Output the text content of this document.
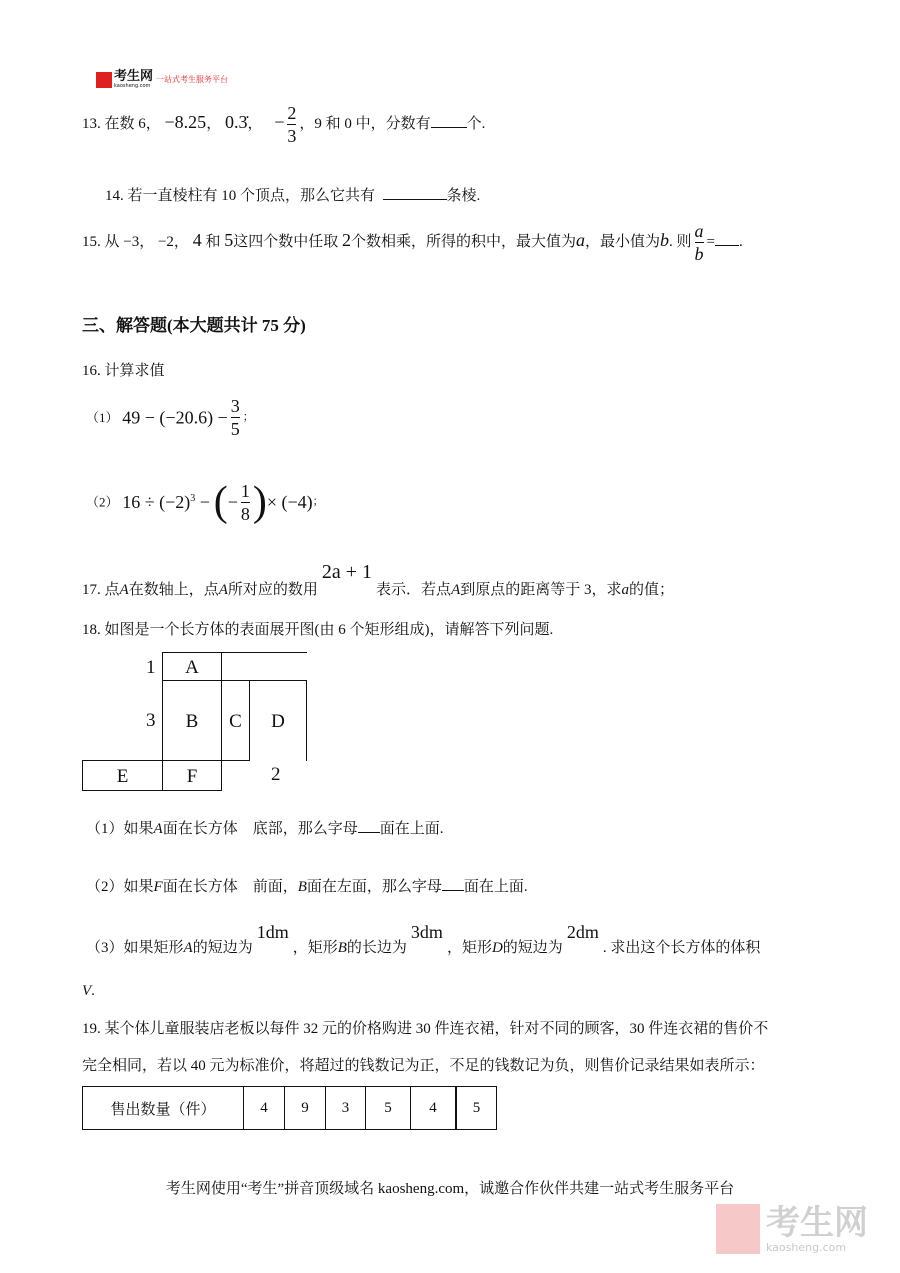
考生网
kaosheng.com
一站式考生服务平台
13. 在数 6， −8.25， 0.3̇， − $\frac{2}{3}$ ，9 和 0 中，分数有 个.
14. 若一直棱柱有 10 个顶点，那么它共有	条棱.
15. 从 −3， −2， 4 和 5这四个数中任取 2个数相乘，所得的积中，最大值为a，最小值为b. 则 $\frac{a}{b}$ = .
三、解答题(本大题共计 75 分)
16. 计算求值
（1） $49 - (-20.6) - \frac{3}{5}$ ；
（2） $16 \div (-2)^3$ − (− $\frac{1}{8}$ )× (−4)；
17. 点A在数轴上，点A所对应的数用2a + 1表示．若点A到原点的距离等于 3，求a的值；
18. 如图是一个长方体的表面展开图(由 6 个矩形组成)，请解答下列问题.
A
B	C	D
E	F
1
3
2
（1）如果A面在长方体　底部，那么字母 面在上面.
（2）如果F面在长方体　前面，B面在左面，那么字母 面在上面.
（3）如果矩形A的短边为1dm，矩形B的长边为3dm，矩形D的短边为2dm. 求出这个长方体的体积
V.
19. 某个体儿童服装店老板以每件 32 元的价格购进 30 件连衣裙，针对不同的顾客，30 件连衣裙的售价不
完全相同，若以 40 元为标准价，将超过的钱数记为正，不足的钱数记为负，则售价记录结果如表所示：
售出数量（件）	4	9	3	5	4	5
考生网使用“考生”拼音顶级域名 kaosheng.com，诚邀合作伙伴共建一站式考生服务平台
考生网
kaosheng.com
